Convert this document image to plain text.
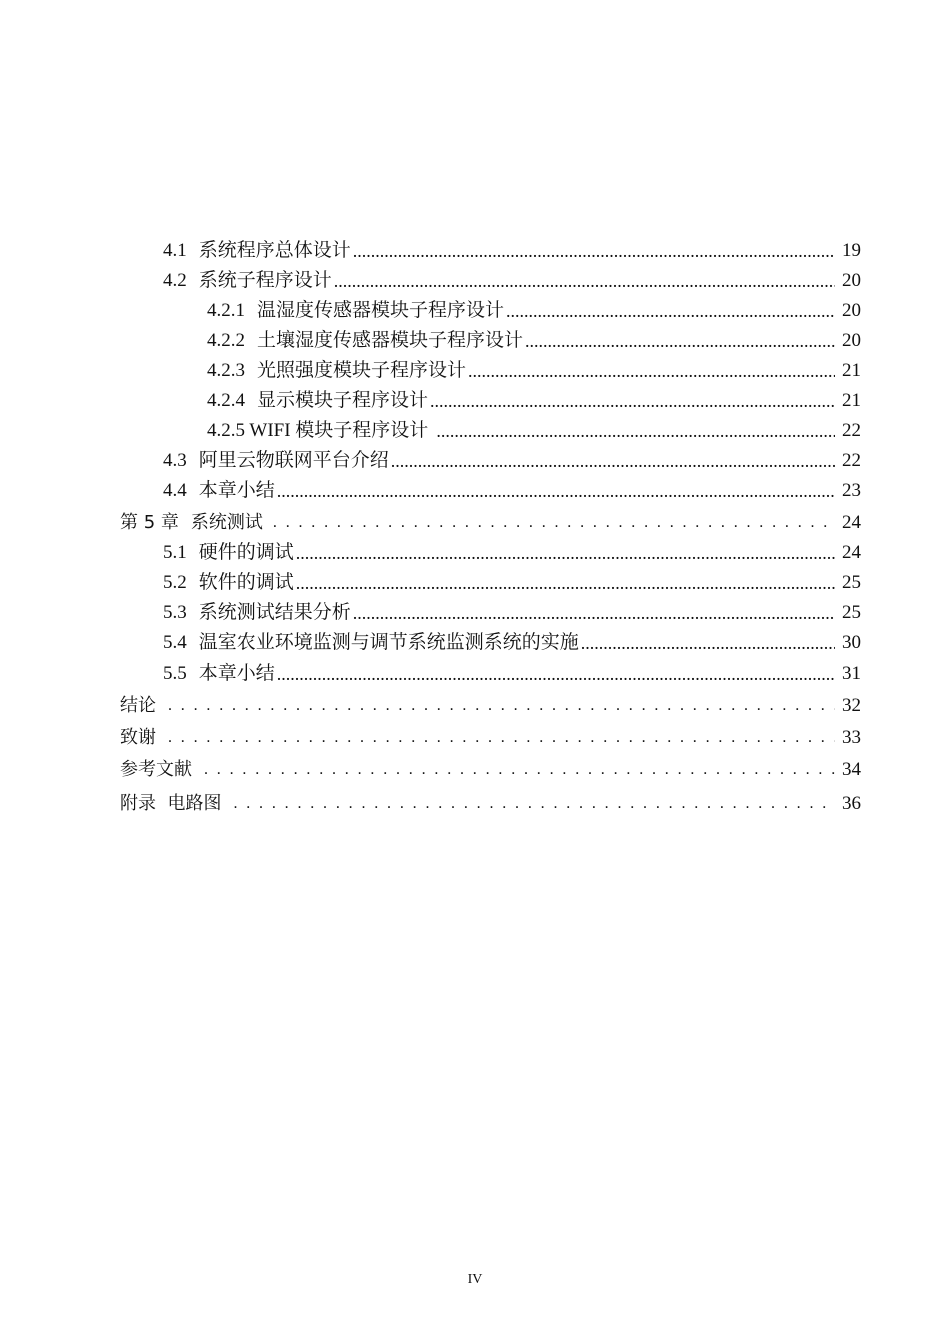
4.1 系统程序总体设计 .....	19
4.2 系统子程序设计 .....	20
4.2.1 温湿度传感器模块子程序设计 .....	20
4.2.2 土壤湿度传感器模块子程序设计 .....	20
4.2.3 光照强度模块子程序设计 .....	21
4.2.4 显示模块子程序设计 .....	21
4.2.5 WIFI 模块子程序设计 .....	22
4.3 阿里云物联网平台介绍 .....	22
4.4 本章小结 .....	23
第 5 章 系统测试 . . .	24
5.1 硬件的调试 .....	24
5.2 软件的调试 .....	25
5.3 系统测试结果分析 .....	25
5.4 温室农业环境监测与调节系统监测系统的实施 .....	30
5.5 本章小结 .....	31
结论 . . .	32
致谢 . . .	33
参考文献 . . .	34
附录  电路图 . . .	36
IV
